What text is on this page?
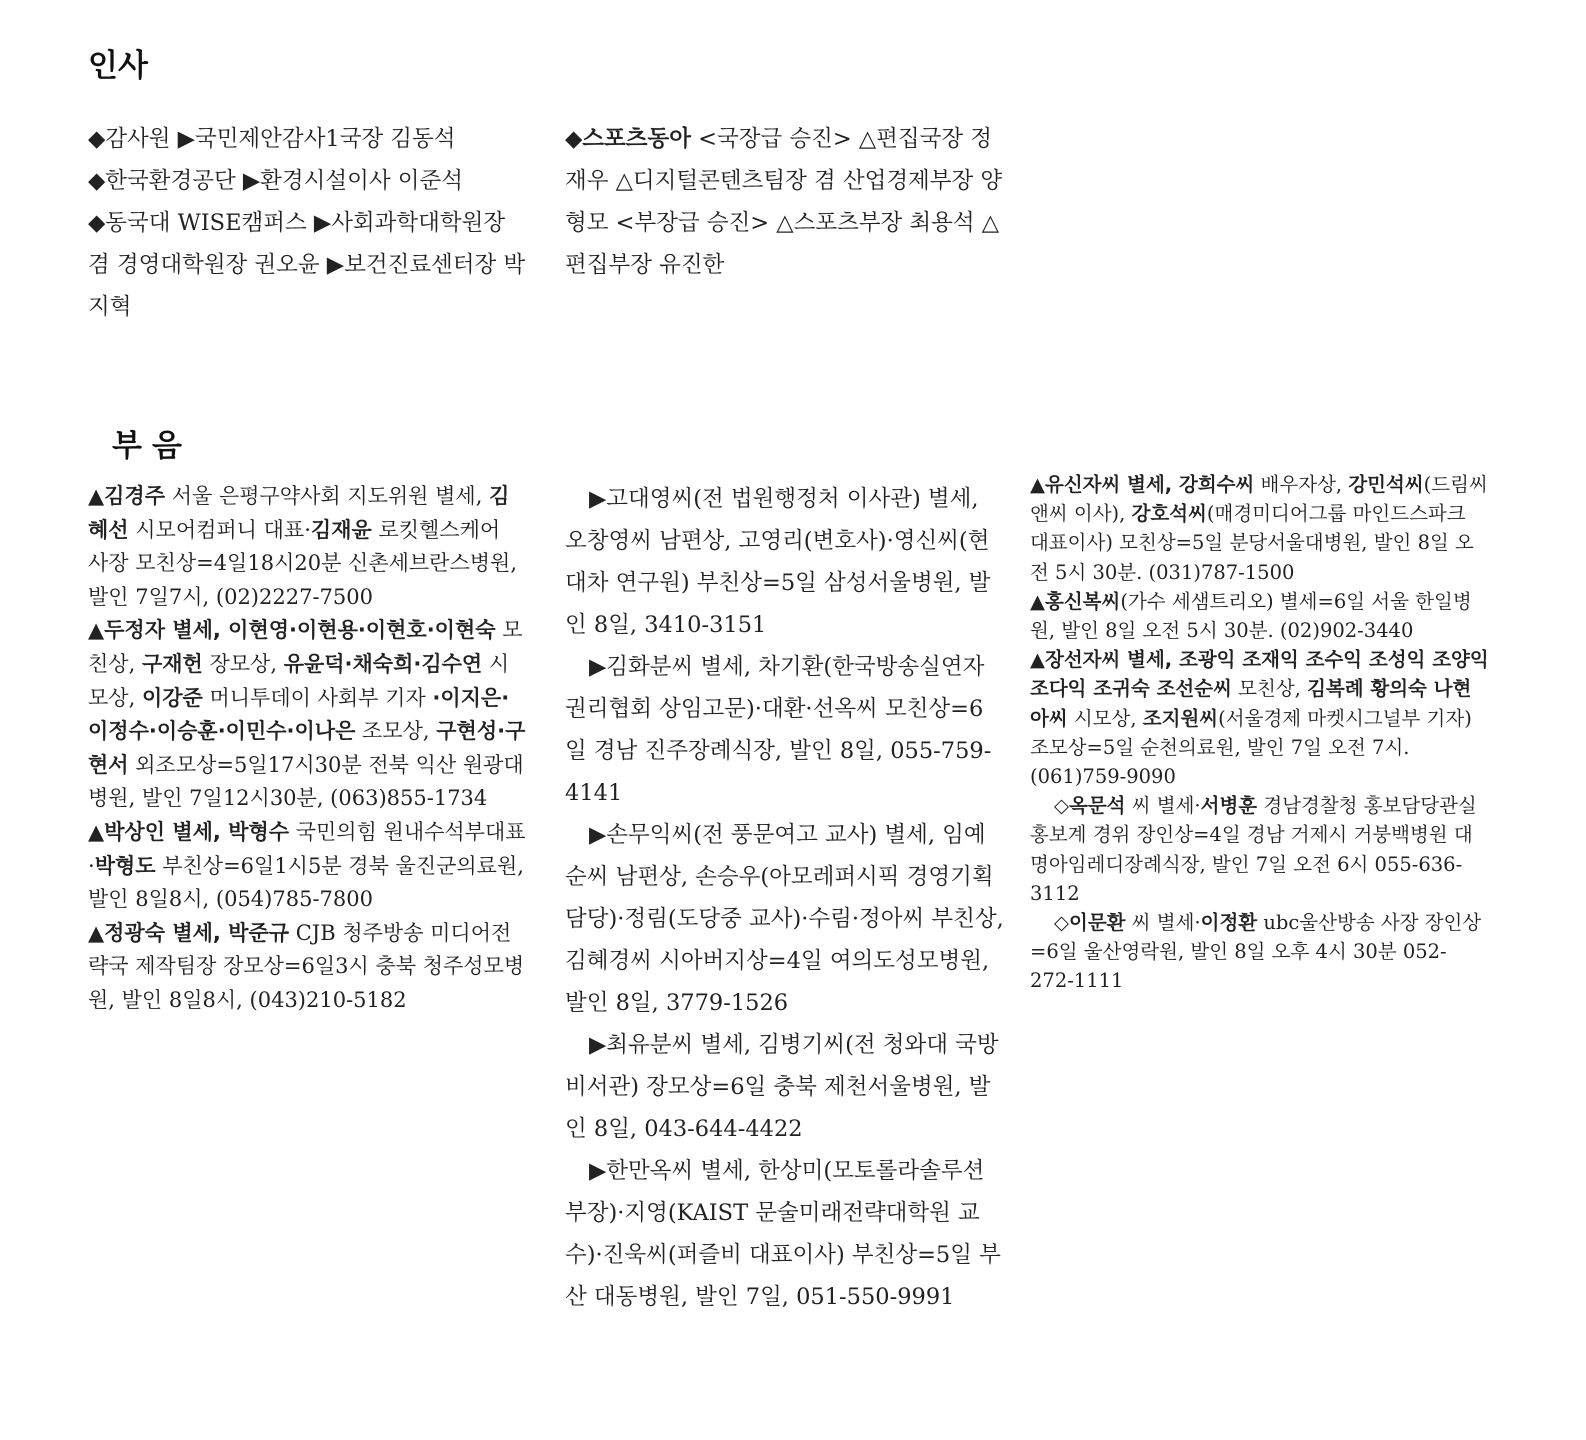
인사

◆감사원 ▶국민제안감사1국장 김동석

◆한국환경공단 ▶환경시설이사 이준석

◆동국대 WISE캠퍼스 ▶사회과학대학원장 겸 경영대학원장 권오윤 ▶보건진료센터장 박지혁

◆스포츠동아 <국장급 승진> △편집국장 정재우 △디지털콘텐츠팀장 겸 산업경제부장 양형모 <부장급 승진> △스포츠부장 최용석 △편집부장 유진한

부음

▲김경주 서울 은평구약사회 지도위원 별세, 김혜선 시모어컴퍼니 대표·김재윤 로킷헬스케어 사장 모친상=4일18시20분 신촌세브란스병원, 발인 7일7시, (02)2227-7500

▲두정자 별세, 이현영·이현용·이현호·이현숙 모친상, 구재헌 장모상, 유윤덕·채숙희·김수연 시모상, 이강준 머니투데이 사회부 기자 ·이지은·이정수·이승훈·이민수·이나은 조모상, 구현성·구현서 외조모상=5일17시30분 전북 익산 원광대병원, 발인 7일12시30분, (063)855-1734

▲박상인 별세, 박형수 국민의힘 원내수석부대표·박형도 부친상=6일1시5분 경북 울진군의료원, 발인 8일8시, (054)785-7800

▲정광숙 별세, 박준규 CJB 청주방송 미디어전략국 제작팀장 장모상=6일3시 충북 청주성모병원, 발인 8일8시, (043)210-5182

▶고대영씨(전 법원행정처 이사관) 별세, 오창영씨 남편상, 고영리(변호사)·영신씨(현대차 연구원) 부친상=5일 삼성서울병원, 발인 8일, 3410-3151

▶김화분씨 별세, 차기환(한국방송실연자권리협회 상임고문)·대환·선옥씨 모친상=6일 경남 진주장례식장, 발인 8일, 055-759-4141

▶손무익씨(전 풍문여고 교사) 별세, 임예순씨 남편상, 손승우(아모레퍼시픽 경영기획 담당)·정림(도당중 교사)·수림·정아씨 부친상, 김혜경씨 시아버지상=4일 여의도성모병원, 발인 8일, 3779-1526

▶최유분씨 별세, 김병기씨(전 청와대 국방비서관) 장모상=6일 충북 제천서울병원, 발인 8일, 043-644-4422

▶한만옥씨 별세, 한상미(모토롤라솔루션 부장)·지영(KAIST 문술미래전략대학원 교수)·진욱씨(퍼즐비 대표이사) 부친상=5일 부산 대동병원, 발인 7일, 051-550-9991

▲유신자씨 별세, 강희수씨 배우자상, 강민석씨(드림씨앤씨 이사), 강호석씨(매경미디어그룹 마인드스파크 대표이사) 모친상=5일 분당서울대병원, 발인 8일 오전 5시 30분. (031)787-1500

▲홍신복씨(가수 세샘트리오) 별세=6일 서울 한일병원, 발인 8일 오전 5시 30분. (02)902-3440

▲장선자씨 별세, 조광익 조재익 조수익 조성익 조양익 조다익 조귀숙 조선순씨 모친상, 김복례 황의숙 나현아씨 시모상, 조지원씨(서울경제 마켓시그널부 기자) 조모상=5일 순천의료원, 발인 7일 오전 7시. (061)759-9090

◇옥문석 씨 별세·서병훈 경남경찰청 홍보담당관실 홍보계 경위 장인상=4일 경남 거제시 거붕백병원 대명아임레디장례식장, 발인 7일 오전 6시 055-636-3112

◇이문환 씨 별세·이정환 ubc울산방송 사장 장인상=6일 울산영락원, 발인 8일 오후 4시 30분 052-272-1111
